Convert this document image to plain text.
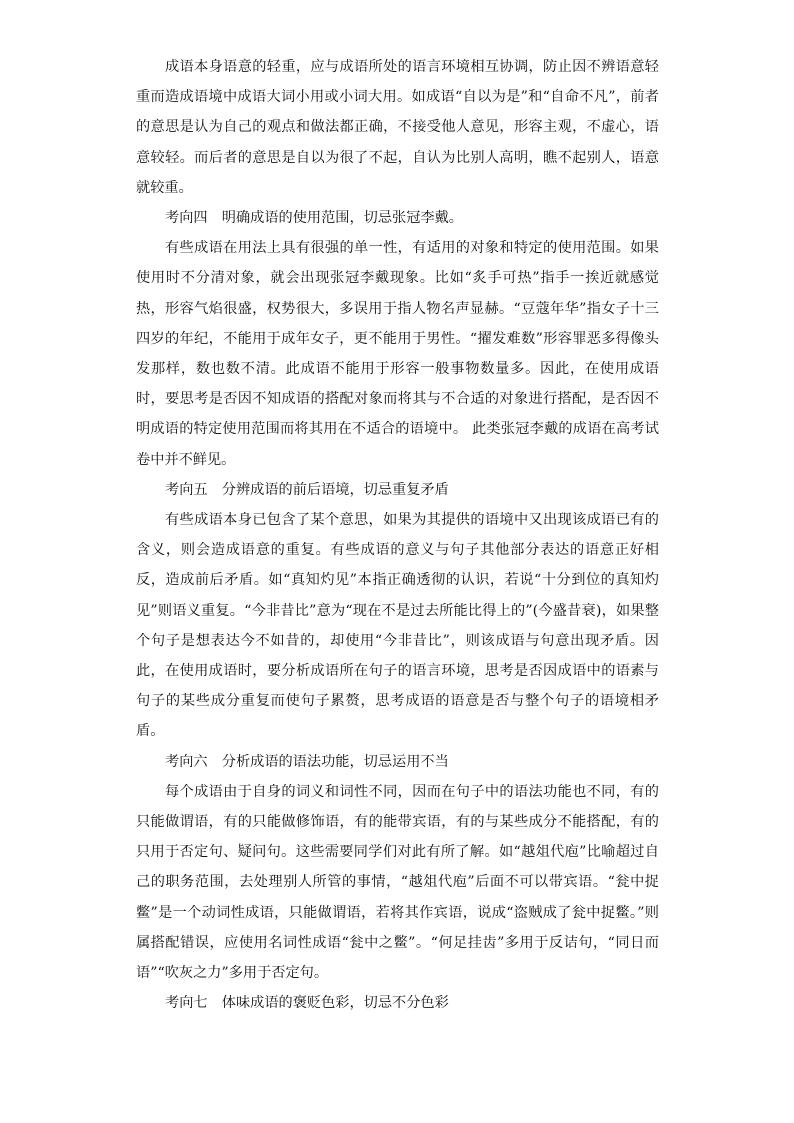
成语本身语意的轻重，应与成语所处的语言环境相互协调，防止因不辨语意轻重而造成语境中成语大词小用或小词大用。如成语“自以为是”和“自命不凡”，前者的意思是认为自己的观点和做法都正确，不接受他人意见，形容主观，不虚心，语意较轻。而后者的意思是自以为很了不起，自认为比别人高明，瞧不起别人，语意就较重。

考向四　明确成语的使用范围，切忌张冠李戴。

有些成语在用法上具有很强的单一性，有适用的对象和特定的使用范围。如果使用时不分清对象，就会出现张冠李戴现象。比如“炙手可热”指手一挨近就感觉热，形容气焰很盛，权势很大，多误用于指人物名声显赫。“豆蔻年华”指女子十三四岁的年纪，不能用于成年女子，更不能用于男性。“擢发难数”形容罪恶多得像头发那样，数也数不清。此成语不能用于形容一般事物数量多。因此，在使用成语时，要思考是否因不知成语的搭配对象而将其与不合适的对象进行搭配，是否因不明成语的特定使用范围而将其用在不适合的语境中。 此类张冠李戴的成语在高考试卷中并不鲜见。

考向五　分辨成语的前后语境，切忌重复矛盾

有些成语本身已包含了某个意思，如果为其提供的语境中又出现该成语已有的含义，则会造成语意的重复。有些成语的意义与句子其他部分表达的语意正好相反，造成前后矛盾。如“真知灼见”本指正确透彻的认识，若说“十分到位的真知灼见”则语义重复。“今非昔比”意为“现在不是过去所能比得上的”(今盛昔衰)，如果整个句子是想表达今不如昔的，却使用“今非昔比”，则该成语与句意出现矛盾。因此，在使用成语时，要分析成语所在句子的语言环境，思考是否因成语中的语素与句子的某些成分重复而使句子累赘，思考成语的语意是否与整个句子的语境相矛盾。

考向六　分析成语的语法功能，切忌运用不当

每个成语由于自身的词义和词性不同，因而在句子中的语法功能也不同，有的只能做谓语，有的只能做修饰语，有的能带宾语，有的与某些成分不能搭配，有的只用于否定句、疑问句。这些需要同学们对此有所了解。如“越俎代庖”比喻超过自己的职务范围，去处理别人所管的事情，“越俎代庖”后面不可以带宾语。“瓮中捉鳖”是一个动词性成语，只能做谓语，若将其作宾语，说成“盗贼成了瓮中捉鳖。”则属搭配错误，应使用名词性成语“瓮中之鳖”。“何足挂齿”多用于反诘句，“同日而语”“吹灰之力”多用于否定句。

考向七　体味成语的褒贬色彩，切忌不分色彩
